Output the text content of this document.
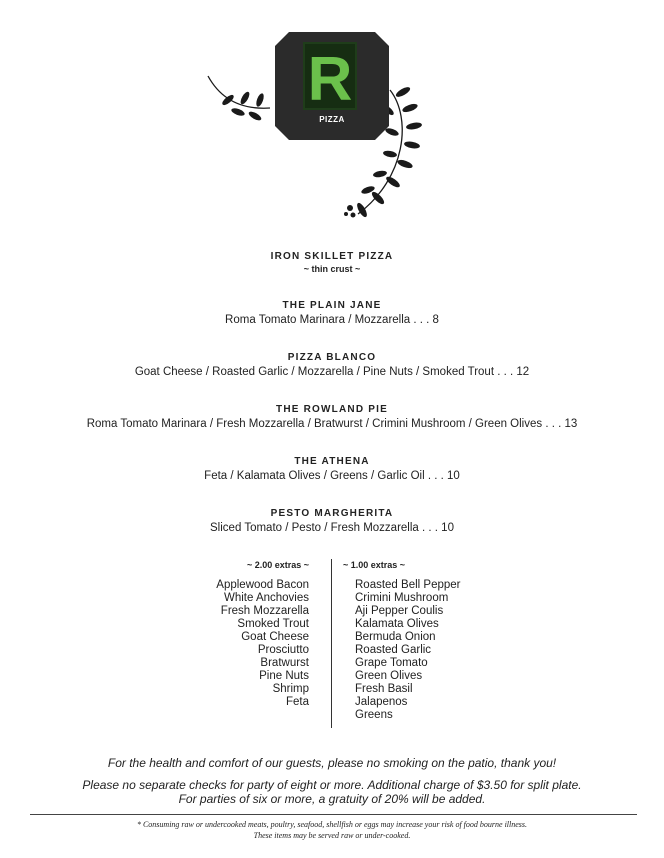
R
PIZZA
IRON SKILLET PIZZA
~ thin crust ~
THE PLAIN JANE
Roma Tomato Marinara / Mozzarella . . . 8
PIZZA BLANCO
Goat Cheese / Roasted Garlic / Mozzarella / Pine Nuts / Smoked Trout . . . 12
THE ROWLAND PIE
Roma Tomato Marinara / Fresh Mozzarella / Bratwurst / Crimini Mushroom / Green Olives . . . 13
THE ATHENA
Feta / Kalamata Olives / Greens / Garlic Oil . . . 10
PESTO MARGHERITA
Sliced Tomato / Pesto / Fresh Mozzarella . . . 10
~ 2.00 extras ~
Applewood Bacon
White Anchovies
Fresh Mozzarella
Smoked Trout
Goat Cheese
Prosciutto
Bratwurst
Pine Nuts
Shrimp
Feta
~ 1.00 extras ~
Roasted Bell Pepper
Crimini Mushroom
Aji Pepper Coulis
Kalamata Olives
Bermuda Onion
Roasted Garlic
Grape Tomato
Green Olives
Fresh Basil
Jalapenos
Greens
For the health and comfort of our guests, please no smoking on the patio, thank you!
Please no separate checks for party of eight or more. Additional charge of $3.50 for split plate.
For parties of six or more, a gratuity of 20% will be added.
* Consuming raw or undercooked meats, poultry, seafood, shellfish or eggs may increase your risk of food bourne illness.
These items may be served raw or under-cooked.
